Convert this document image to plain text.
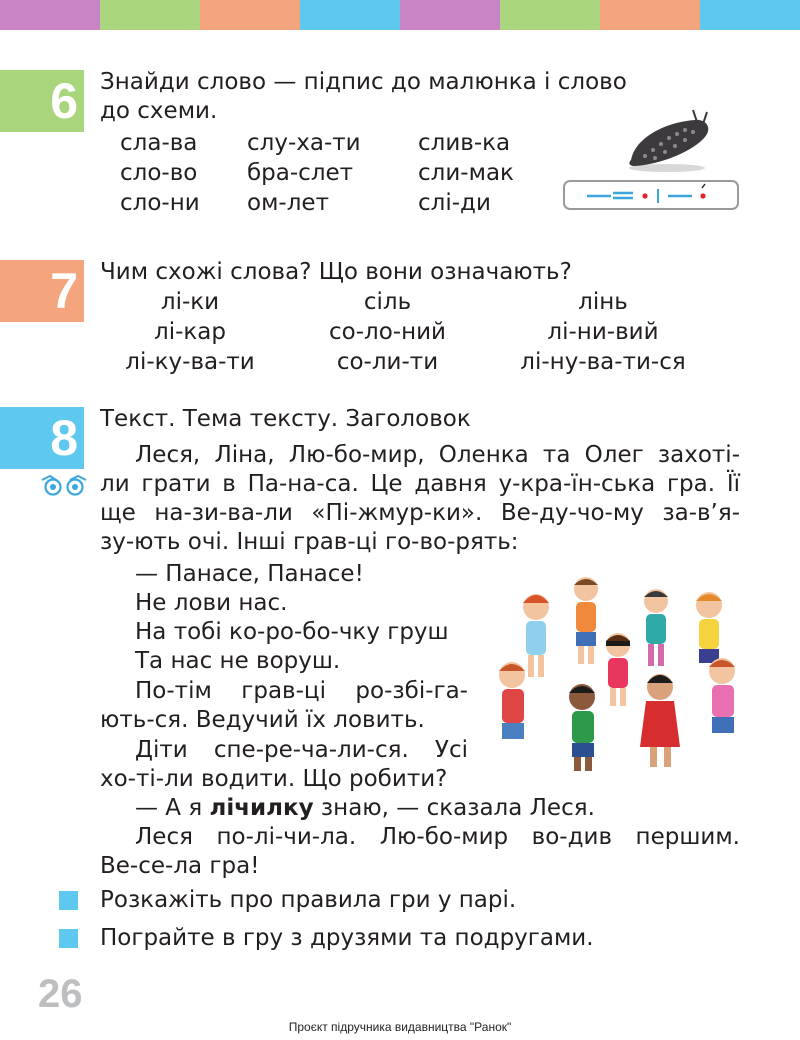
6 Знайди слово — підпис до малюнка і слово
до схеми.
сла-ва
сло-во
сло-ни
слу-ха-ти
бра-слет
ом-лет
слив-ка
сли-мак
слі-ди
7 Чим схожі слова? Що вони означають?
лі-ки
лі-кар
лі-ку-ва-ти
сіль
со-ло-ний
со-ли-ти
лінь
лі-ни-вий
лі-ну-ва-ти-ся
8 Текст. Тема тексту. Заголовок
Леся, Ліна, Лю-бо-мир, Оленка та Олег захоті-
ли грати в Па-на-са. Це давня у-кра-їн-ська гра. Її
ще на-зи-ва-ли «Пі-жмур-ки». Ве-ду-чо-му за-в’я-
зу-ють очі. Інші грав-ці го-во-рять:
— Панасе, Панасе!
Не лови нас.
На тобі ко-ро-бо-чку груш
Та нас не воруш.
По-тім грав-ці ро-збі-га-
ють-ся. Ведучий їх ловить.
Діти спе-ре-ча-ли-ся. Усі
хо-ті-ли водити. Що робити?
— А я лічилку знаю, — сказала Леся.
Леся по-лі-чи-ла. Лю-бо-мир во-див першим.
Ве-се-ла гра!
Розкажіть про правила гри у парі.
Пограйте в гру з друзями та подругами.
26
Проєкт підручника видавництва "Ранок"
